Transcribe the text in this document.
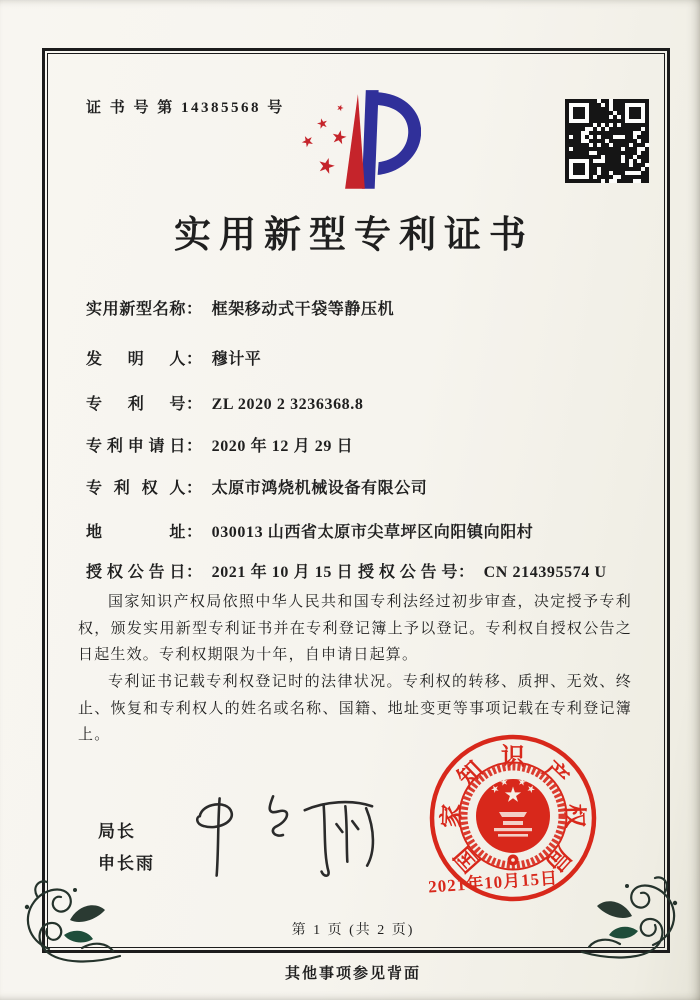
证 书 号 第 14385568 号
实用新型专利证书
实用新型名称： 框架移动式干袋等静压机
发明人： 穆计平
专利号： ZL 2020 2 3236368.8
专利申请日： 2020 年 12 月 29 日
专利权人： 太原市鸿烧机械设备有限公司
地址： 030013 山西省太原市尖草坪区向阳镇向阳村
授权公告日： 2021 年 10 月 15 日 授权公告号： CN 214395574 U

国家知识产权局依照中华人民共和国专利法经过初步审查，决定授予专利权，颁发实用新型专利证书并在专利登记簿上予以登记。专利权自授权公告之日起生效。专利权期限为十年，自申请日起算。

专利证书记载专利权登记时的法律状况。专利权的转移、质押、无效、终止、恢复和专利权人的姓名或名称、国籍、地址变更等事项记载在专利登记簿上。

局长
申长雨	国
家
知 识 产
权
局
2021年10月15日
第 1 页 (共 2 页)
其他事项参见背面
